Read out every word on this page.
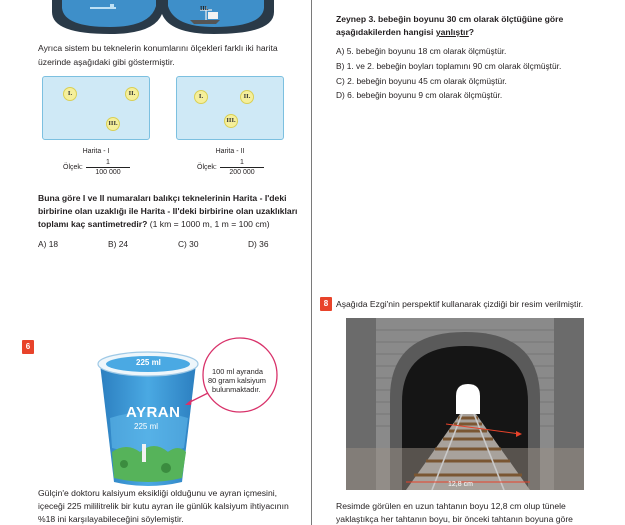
III.
Ayrıca sistem bu teknelerin konumlarını ölçekleri farklı iki harita
üzerinde aşağıdaki gibi göstermiştir.
I.	II.
III.
I.	II.
III.
Harita - I	Harita - II
Ölçek: $\frac{1}{100 000}$	Ölçek: $\frac{1}{200 000}$
Buna göre I ve II numaraları balıkçı teknelerinin Harita - I'deki
birbirine olan uzaklığı ile Harita - II'deki birbirine olan uzaklıkları
toplamı kaç santimetredir? (1 km = 1000 m, 1 m = 100 cm)
A) 18	B) 24	C) 30	D) 36
6
225 ml
AYRAN
225 ml
100 ml ayranda
80 gram kalsiyum
bulunmaktadır.
Gülçin'e doktoru kalsiyum eksikliği olduğunu ve ayran içmesini,
içeceği 225 mililitrelik bir kutu ayran ile günlük kalsiyum ihtiyacının
%18 ini karşılayabileceğini söylemiştir.
Zeynep 3. bebeğin boyunu 30 cm olarak ölçtüğüne göre
aşağıdakilerden hangisi yanlıştır?
A) 5. bebeğin boyunu 18 cm olarak ölçmüştür.
B) 1. ve 2. bebeğin boyları toplamını 90 cm olarak ölçmüştür.
C) 2. bebeğin boyunu 45 cm olarak ölçmüştür.
D) 6. bebeğin boyunu 9 cm olarak ölçmüştür.
8 Aşağıda Ezgi'nin perspektif kullanarak çizdiği bir resim verilmiştir.
12,8 cm
Resimde görülen en uzun tahtanın boyu 12,8 cm olup tünele
yaklaştıkça her tahtanın boyu, bir önceki tahtanın boyuna göre
